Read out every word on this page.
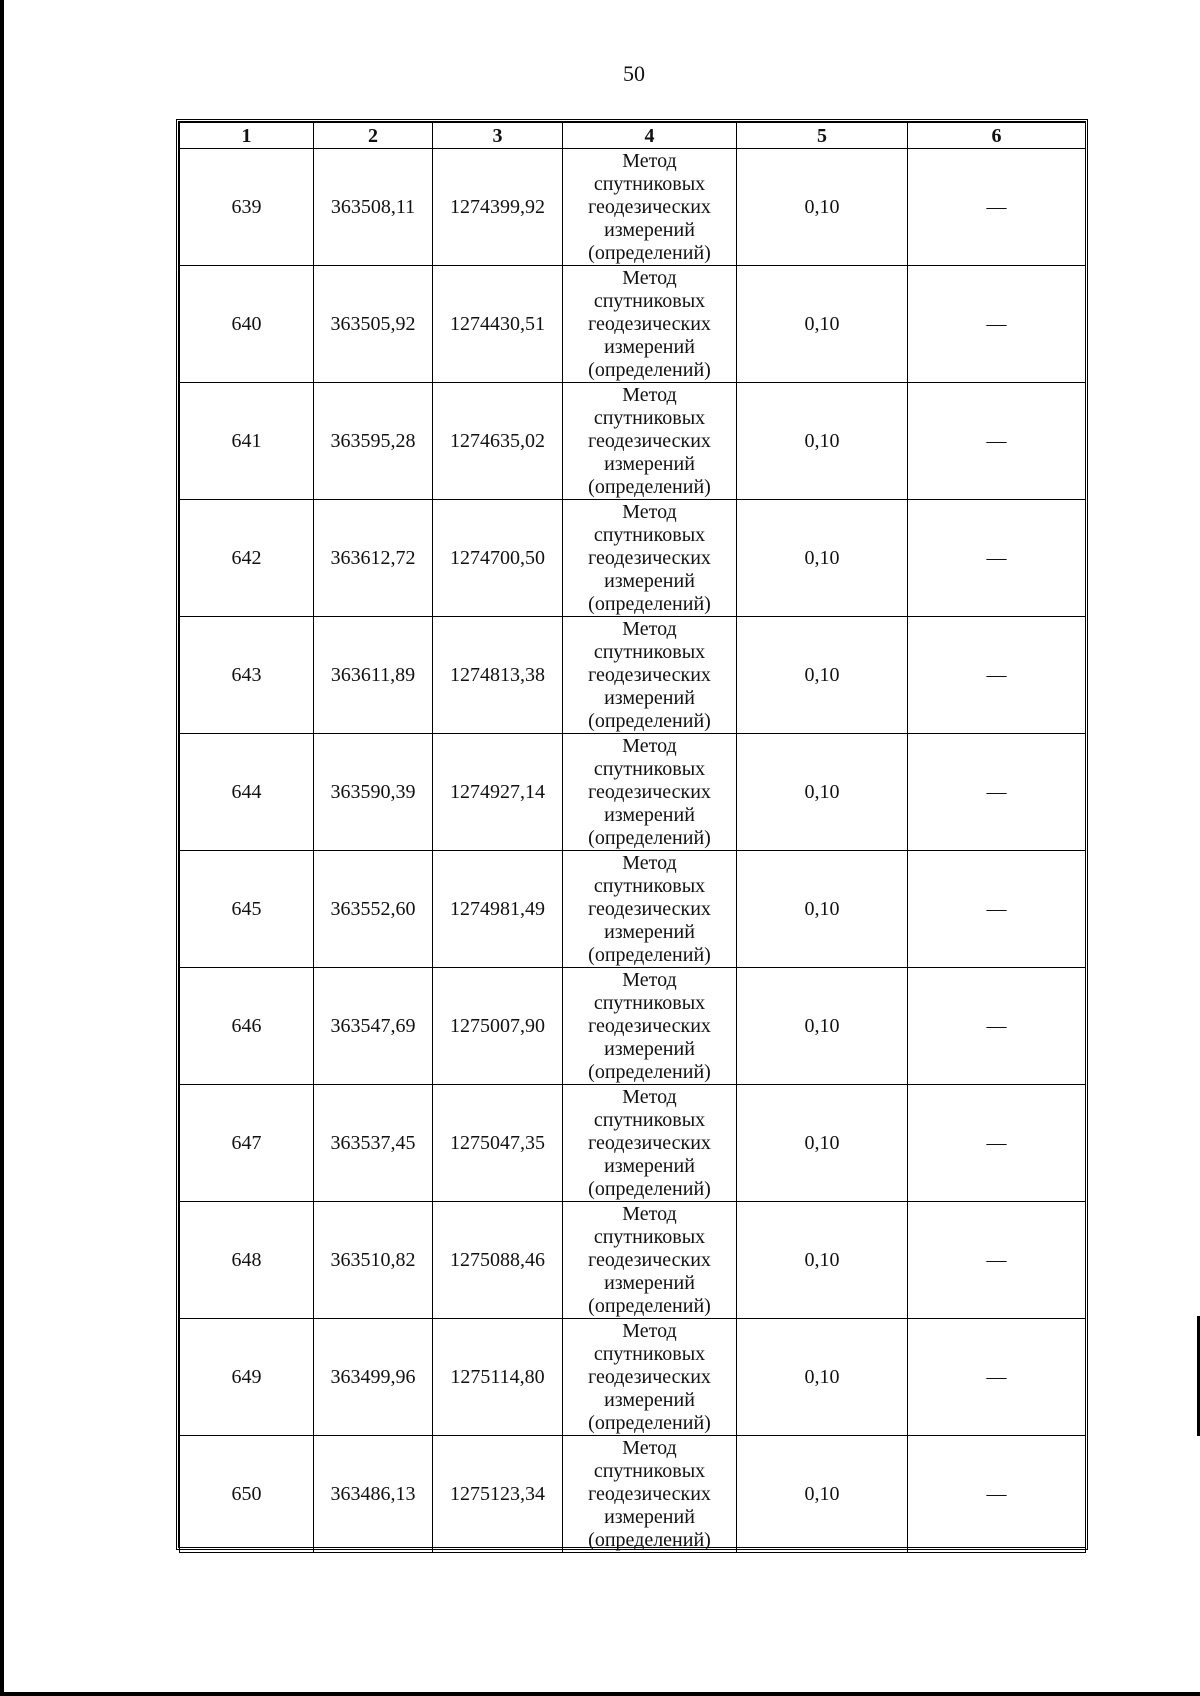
50
1	2	3	4	5	6
639	363508,11	1274399,92	Метод
спутниковых
геодезических
измерений
(определений)	0,10	—
640	363505,92	1274430,51	Метод
спутниковых
геодезических
измерений
(определений)	0,10	—
641	363595,28	1274635,02	Метод
спутниковых
геодезических
измерений
(определений)	0,10	—
642	363612,72	1274700,50	Метод
спутниковых
геодезических
измерений
(определений)	0,10	—
643	363611,89	1274813,38	Метод
спутниковых
геодезических
измерений
(определений)	0,10	—
644	363590,39	1274927,14	Метод
спутниковых
геодезических
измерений
(определений)	0,10	—
645	363552,60	1274981,49	Метод
спутниковых
геодезических
измерений
(определений)	0,10	—
646	363547,69	1275007,90	Метод
спутниковых
геодезических
измерений
(определений)	0,10	—
647	363537,45	1275047,35	Метод
спутниковых
геодезических
измерений
(определений)	0,10	—
648	363510,82	1275088,46	Метод
спутниковых
геодезических
измерений
(определений)	0,10	—
649	363499,96	1275114,80	Метод
спутниковых
геодезических
измерений
(определений)	0,10	—
650	363486,13	1275123,34	Метод
спутниковых
геодезических
измерений
(определений)	0,10	—
